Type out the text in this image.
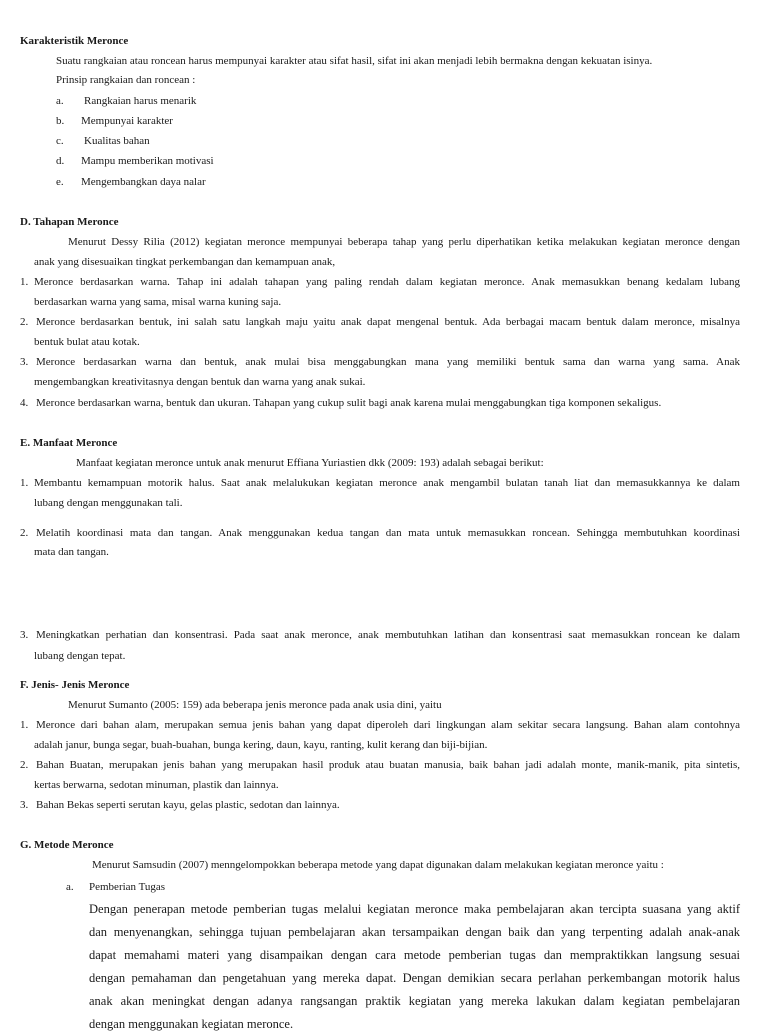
Karakteristik Meronce
Suatu rangkaian atau roncean harus mempunyai karakter atau sifat hasil, sifat ini akan menjadi lebih bermakna dengan kekuatan isinya.
Prinsip rangkaian dan roncean :
a. Rangkaian harus menarik
b. Mempunyai karakter
c. Kualitas bahan
d. Mampu memberikan motivasi
e. Mengembangkan daya nalar
D. Tahapan Meronce
Menurut Dessy Rilia (2012) kegiatan meronce mempunyai beberapa tahap yang perlu diperhatikan ketika melakukan kegiatan meronce dengan
anak yang disesuaikan tingkat perkembangan dan kemampuan anak,
1. Meronce berdasarkan warna. Tahap ini adalah tahapan yang paling rendah dalam kegiatan meronce. Anak memasukkan benang kedalam lubang
berdasarkan warna yang sama, misal warna kuning saja.
2. Meronce berdasarkan bentuk, ini salah satu langkah maju yaitu anak dapat mengenal bentuk. Ada berbagai macam bentuk dalam meronce, misalnya
bentuk bulat atau kotak.
3. Meronce berdasarkan warna dan bentuk, anak mulai bisa menggabungkan mana yang memiliki bentuk sama dan warna yang sama. Anak
mengembangkan kreativitasnya dengan bentuk dan warna yang anak sukai.
4. Meronce berdasarkan warna, bentuk dan ukuran. Tahapan yang cukup sulit bagi anak karena mulai menggabungkan tiga komponen sekaligus.
E. Manfaat Meronce
Manfaat kegiatan meronce untuk anak menurut Effiana Yuriastien dkk (2009: 193) adalah sebagai berikut:
1. Membantu kemampuan motorik halus. Saat anak melalukukan kegiatan meronce anak mengambil bulatan tanah liat dan memasukkannya ke dalam
lubang dengan menggunakan tali.
2. Melatih koordinasi mata dan tangan. Anak menggunakan kedua tangan dan mata untuk memasukkan roncean. Sehingga membutuhkan koordinasi
mata dan tangan.
3. Meningkatkan perhatian dan konsentrasi. Pada saat anak meronce, anak membutuhkan latihan dan konsentrasi saat memasukkan roncean ke dalam
lubang dengan tepat.
F. Jenis- Jenis Meronce
Menurut Sumanto (2005: 159) ada beberapa jenis meronce pada anak usia dini, yaitu
1. Meronce dari bahan alam, merupakan semua jenis bahan yang dapat diperoleh dari lingkungan alam sekitar secara langsung. Bahan alam contohnya
adalah janur, bunga segar, buah-buahan, bunga kering, daun, kayu, ranting, kulit kerang dan biji-bijian.
2. Bahan Buatan, merupakan jenis bahan yang merupakan hasil produk atau buatan manusia, baik bahan jadi adalah monte, manik-manik, pita sintetis,
kertas berwarna, sedotan minuman, plastik dan lainnya.
3. Bahan Bekas seperti serutan kayu, gelas plastic, sedotan dan lainnya.
G. Metode Meronce
Menurut Samsudin (2007) menngelompokkan beberapa metode yang dapat digunakan dalam melakukan kegiatan meronce yaitu :
a. Pemberian Tugas
Dengan penerapan metode pemberian tugas melalui kegiatan meronce maka pembelajaran akan tercipta suasana yang aktif
dan menyenangkan, sehingga tujuan pembelajaran akan tersampaikan dengan baik dan yang terpenting adalah anak-anak
dapat memahami materi yang disampaikan dengan cara metode pemberian tugas dan mempraktikkan langsung sesuai
dengan pemahaman dan pengetahuan yang mereka dapat. Dengan demikian secara perlahan perkembangan motorik halus
anak akan meningkat dengan adanya rangsangan praktik kegiatan yang mereka lakukan dalam kegiatan pembelajaran
dengan menggunakan kegiatan meronce.
